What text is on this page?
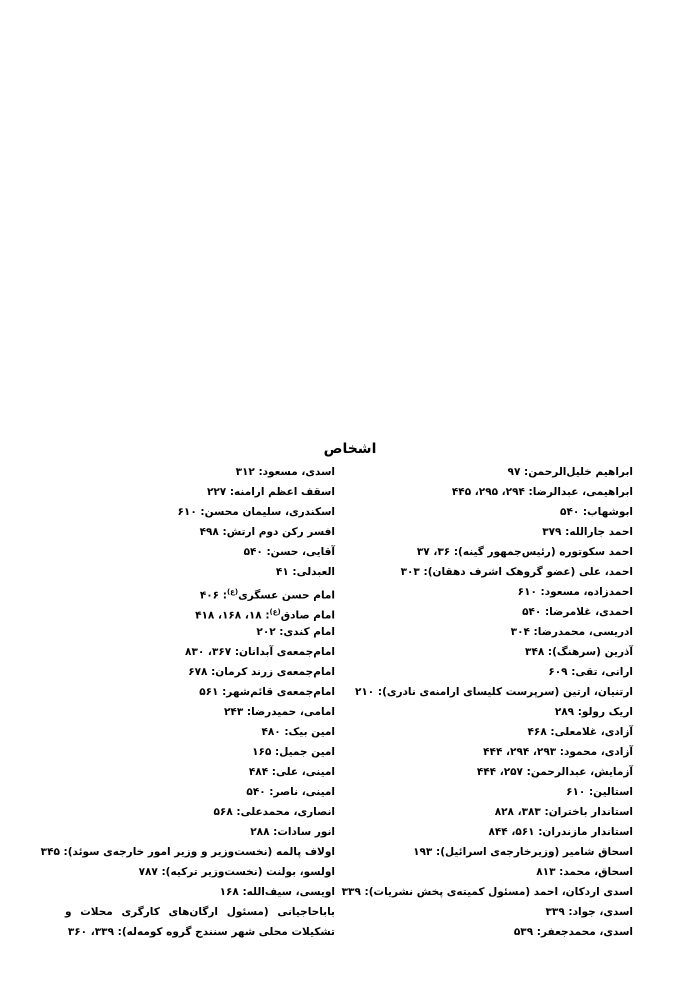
اشخاص
ابراهیم خلیل‌الرحمن: ۹۷
ابراهیمی، عبدالرضا: ۲۹۴، ۲۹۵، ۴۴۵
ابوشهاب: ۵۴۰
احمد جارالله: ۳۷۹
احمد سکوتوره (رئیس‌جمهور گینه): ۳۶، ۳۷
احمد، علی (عضو گروهک اشرف دهقان): ۳۰۳
احمدزاده، مسعود: ۶۱۰
احمدی، غلامرضا: ۵۴۰
ادریسی، محمدرضا: ۳۰۴
آذرین (سرهنگ): ۳۴۸
ارانی، تقی: ۶۰۹
ارتنیان، ارتین (سرپرست کلیسای ارامنه‌ی نادری): ۲۱۰
اریک رولو: ۲۸۹
آزادی، غلامعلی: ۴۶۸
آزادی، محمود: ۲۹۳، ۲۹۴، ۴۴۴
آزمایش، عبدالرحمن: ۲۵۷، ۴۴۴
استالین: ۶۱۰
استاندار باختران: ۳۸۳، ۸۲۸
استاندار مازندران: ۵۶۱، ۸۴۴
اسحاق شامیر (وزیرخارجه‌ی اسرائیل): ۱۹۳
اسحاق، محمد: ۸۱۳
اسدی اردکان، احمد (مسئول کمیته‌ی پخش نشریات): ۳۳۹
اسدی، جواد: ۳۳۹
اسدی، محمدجعفر: ۵۳۹
اسدی، مسعود: ۳۱۲
اسقف اعظم ارامنه: ۲۲۷
اسکندری، سلیمان محسن: ۶۱۰
افسر رکن دوم ارتش: ۴۹۸
آقایی، حسن: ۵۴۰
العبدلی: ۴۱
امام حسن عسگری$^{(ع)}$: ۴۰۶
امام صادق$^{(ع)}$: ۱۸، ۱۶۸، ۴۱۸
امام کندی: ۲۰۲
امام‌جمعه‌ی آبدانان: ۳۶۷، ۸۳۰
امام‌جمعه‌ی زرند کرمان: ۶۷۸
امام‌جمعه‌ی قائم‌شهر: ۵۶۱
امامی، حمیدرضا: ۲۴۳
امین بیک: ۴۸۰
امین جمیل: ۱۶۵
امینی، علی: ۴۸۴
امینی، ناصر: ۵۴۰
انصاری، محمدعلی: ۵۶۸
انور سادات: ۲۸۸
اولاف پالمه (نخست‌وزیر و وزیر امور خارجه‌ی سوئد): ۳۴۵
اولسو، بولنت (نخست‌وزیر ترکیه): ۷۸۷
اویسی، سیف‌الله: ۱۶۸
باباحاجیانی (مسئول ارگان‌های کارگری محلات و تشکیلات محلی شهر سنندج گروه کومه‌له): ۳۳۹، ۳۶۰
